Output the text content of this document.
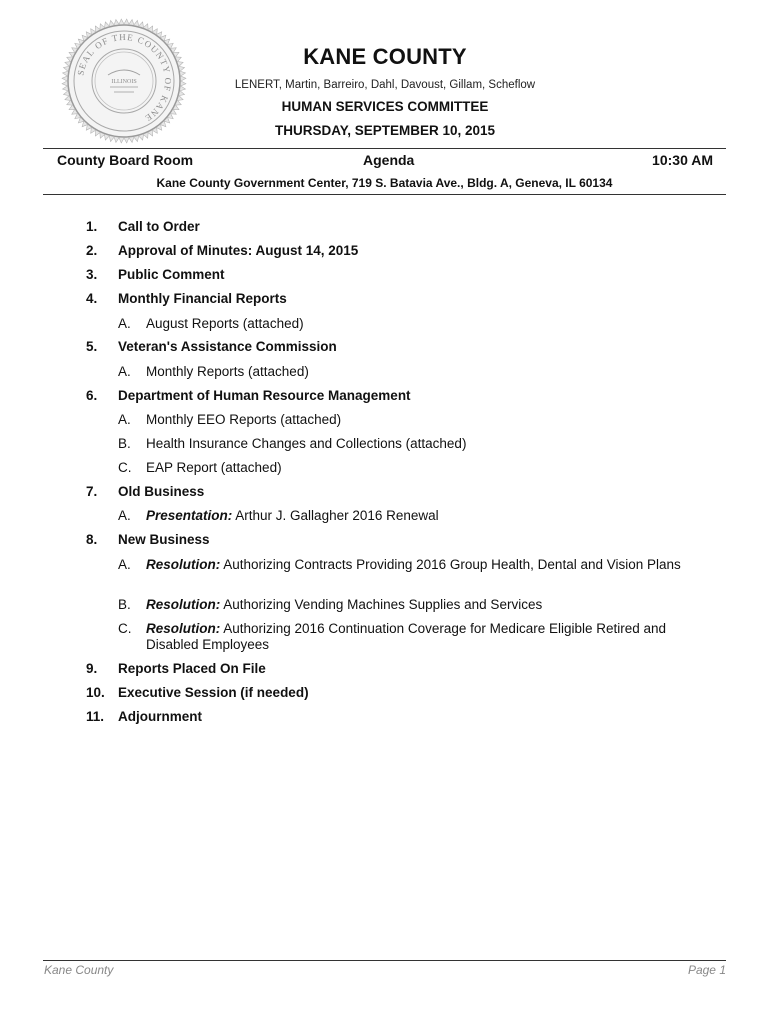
SEAL OF THE COUNTY OF KANE
ILLINOIS
KANE COUNTY
LENERT, Martin, Barreiro, Dahl, Davoust, Gillam, Scheflow
HUMAN SERVICES COMMITTEE
THURSDAY, SEPTEMBER 10, 2015
County Board Room	Agenda	10:30 AM
Kane County Government Center, 719 S. Batavia Ave., Bldg. A, Geneva, IL 60134
1.	Call to Order
2.	Approval of Minutes: August 14, 2015
3.	Public Comment
4.	Monthly Financial Reports
A.	August Reports (attached)
5.	Veteran's Assistance Commission
A.	Monthly Reports (attached)
6.	Department of Human Resource Management
A.	Monthly EEO Reports (attached)
B.	Health Insurance Changes and Collections (attached)
C.	EAP Report (attached)
7.	Old Business
A.	Presentation: Arthur J. Gallagher 2016 Renewal
8.	New Business
A.	Resolution: Authorizing Contracts Providing 2016 Group Health, Dental and Vision Plans
B.	Resolution: Authorizing Vending Machines Supplies and Services
C.	Resolution: Authorizing 2016 Continuation Coverage for Medicare Eligible Retired and Disabled Employees
9.	Reports Placed On File
10. Executive Session (if needed)
11.	Adjournment
Kane County	Page 1
